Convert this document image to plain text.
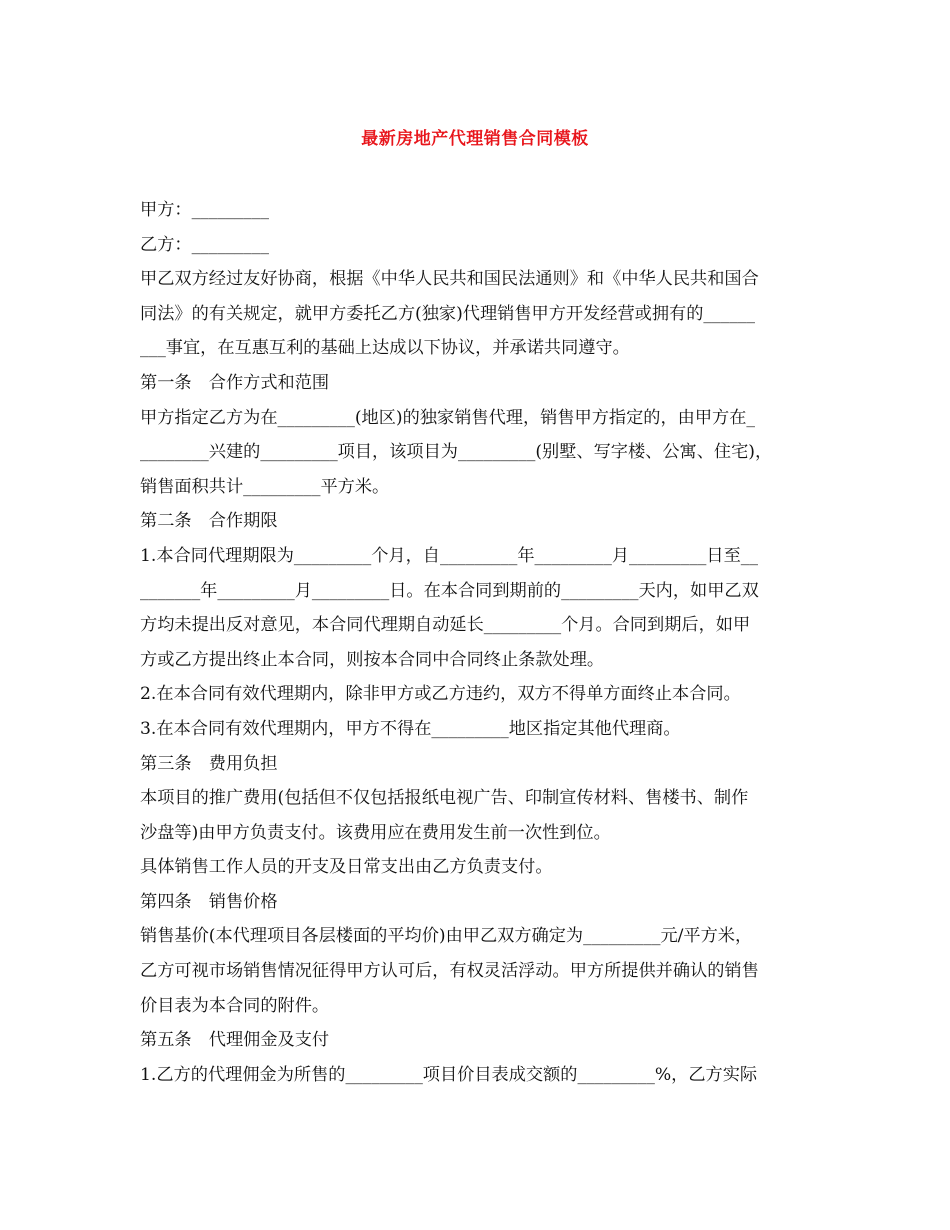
最新房地产代理销售合同模板
甲方：_________
乙方：_________
甲乙双方经过友好协商，根据《中华人民共和国民法通则》和《中华人民共和国合
同法》的有关规定，就甲方委托乙方(独家)代理销售甲方开发经营或拥有的______
___事宜，在互惠互利的基础上达成以下协议，并承诺共同遵守。
第一条　合作方式和范围
甲方指定乙方为在_________(地区)的独家销售代理，销售甲方指定的，由甲方在_
________兴建的_________项目，该项目为_________(别墅、写字楼、公寓、住宅)，
销售面积共计_________平方米。
第二条　合作期限
1.本合同代理期限为_________个月，自_________年_________月_________日至__
_______年_________月_________日。在本合同到期前的_________天内，如甲乙双
方均未提出反对意见，本合同代理期自动延长_________个月。合同到期后，如甲
方或乙方提出终止本合同，则按本合同中合同终止条款处理。
2.在本合同有效代理期内，除非甲方或乙方违约，双方不得单方面终止本合同。
3.在本合同有效代理期内，甲方不得在_________地区指定其他代理商。
第三条　费用负担
本项目的推广费用(包括但不仅包括报纸电视广告、印制宣传材料、售楼书、制作
沙盘等)由甲方负责支付。该费用应在费用发生前一次性到位。
具体销售工作人员的开支及日常支出由乙方负责支付。
第四条　销售价格
销售基价(本代理项目各层楼面的平均价)由甲乙双方确定为_________元/平方米，
乙方可视市场销售情况征得甲方认可后，有权灵活浮动。甲方所提供并确认的销售
价目表为本合同的附件。
第五条　代理佣金及支付
1.乙方的代理佣金为所售的_________项目价目表成交额的_________%，乙方实际
